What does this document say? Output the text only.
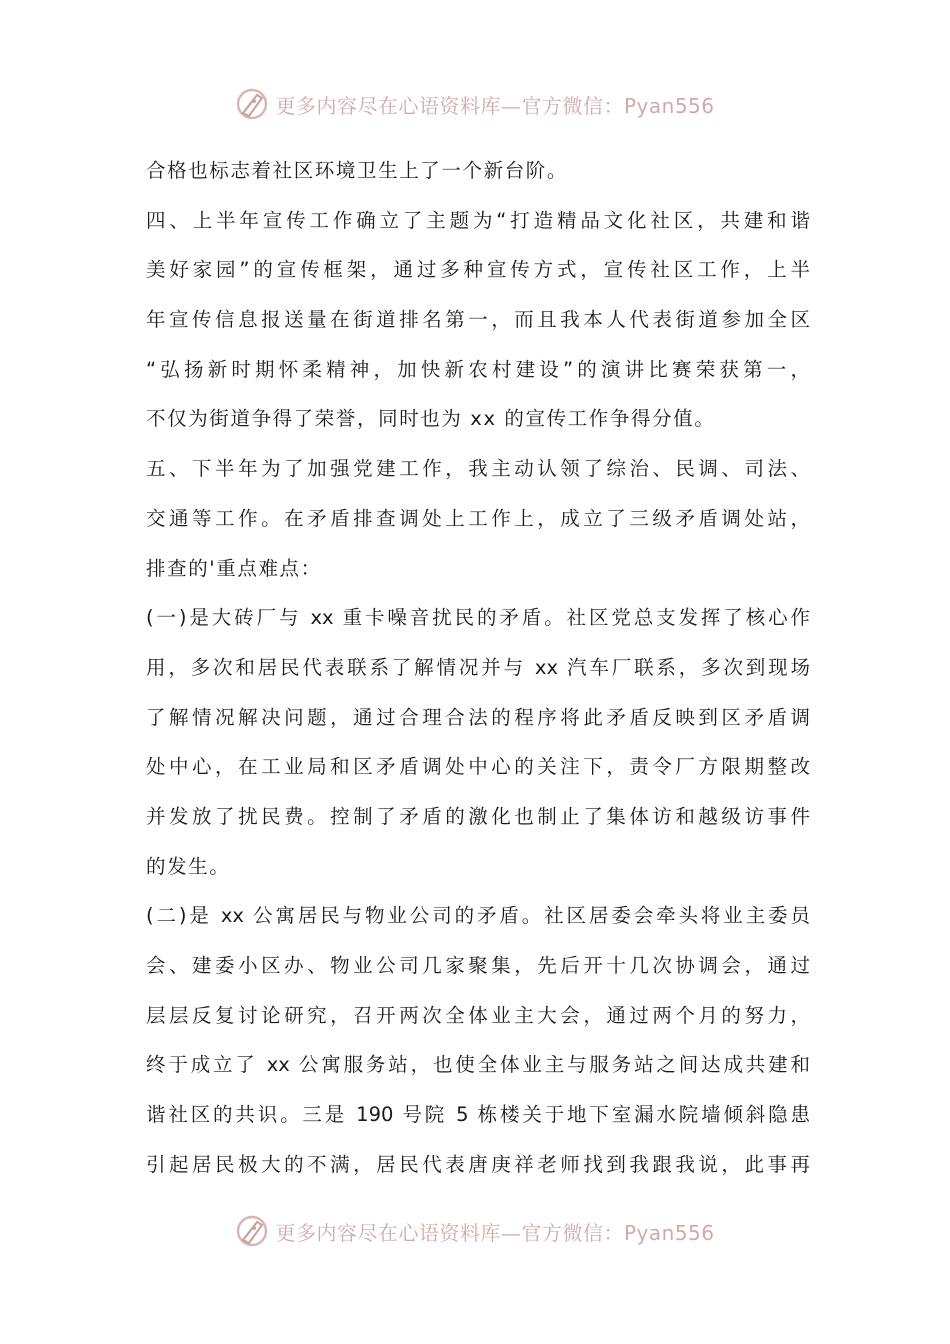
更多内容尽在心语资料库—官方微信：Pyan556
合格也标志着社区环境卫生上了一个新台阶。
四、上半年宣传工作确立了主题为“打造精品文化社区，共建和谐
美好家园”的宣传框架，通过多种宣传方式，宣传社区工作，上半
年宣传信息报送量在街道排名第一，而且我本人代表街道参加全区
“弘扬新时期怀柔精神，加快新农村建设”的演讲比赛荣获第一，
不仅为街道争得了荣誉，同时也为 xx 的宣传工作争得分值。
五、下半年为了加强党建工作，我主动认领了综治、民调、司法、
交通等工作。在矛盾排查调处上工作上，成立了三级矛盾调处站，
排查的'重点难点：
(一)是大砖厂与 xx 重卡噪音扰民的矛盾。社区党总支发挥了核心作
用，多次和居民代表联系了解情况并与 xx 汽车厂联系，多次到现场
了解情况解决问题，通过合理合法的程序将此矛盾反映到区矛盾调
处中心，在工业局和区矛盾调处中心的关注下，责令厂方限期整改
并发放了扰民费。控制了矛盾的激化也制止了集体访和越级访事件
的发生。
(二)是 xx 公寓居民与物业公司的矛盾。社区居委会牵头将业主委员
会、建委小区办、物业公司几家聚集，先后开十几次协调会，通过
层层反复讨论研究，召开两次全体业主大会，通过两个月的努力，
终于成立了 xx 公寓服务站，也使全体业主与服务站之间达成共建和
谐社区的共识。三是 190 号院 5 栋楼关于地下室漏水院墙倾斜隐患
引起居民极大的不满，居民代表唐庚祥老师找到我跟我说，此事再
更多内容尽在心语资料库—官方微信：Pyan556
